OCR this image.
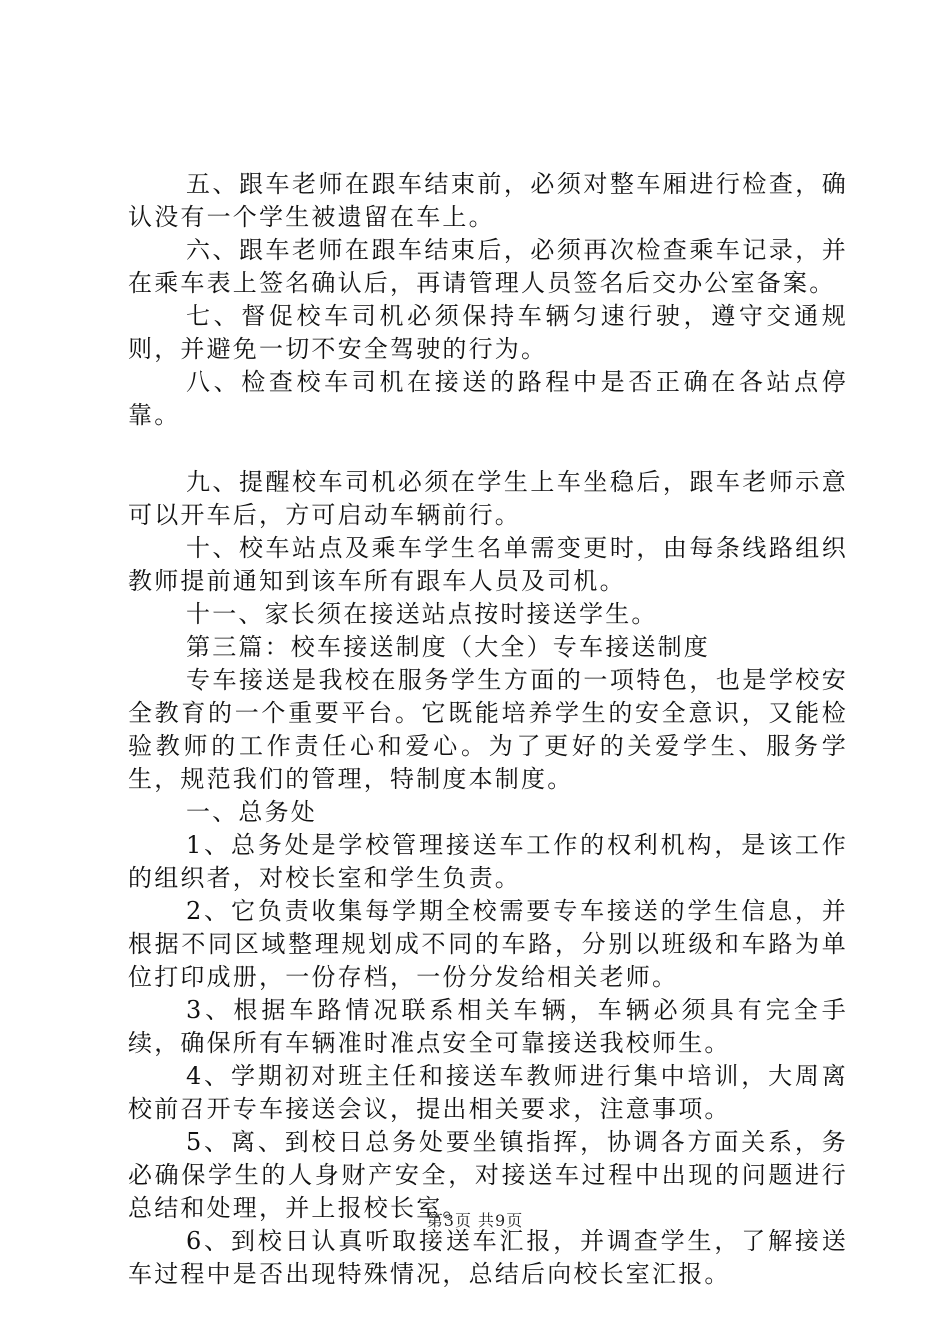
五、跟车老师在跟车结束前，必须对整车厢进行检查，确认没有一个学生被遗留在车上。

六、跟车老师在跟车结束后，必须再次检查乘车记录，并在乘车表上签名确认后，再请管理人员签名后交办公室备案。

七、督促校车司机必须保持车辆匀速行驶，遵守交通规则，并避免一切不安全驾驶的行为。

八、检查校车司机在接送的路程中是否正确在各站点停靠。

九、提醒校车司机必须在学生上车坐稳后，跟车老师示意可以开车后，方可启动车辆前行。

十、校车站点及乘车学生名单需变更时，由每条线路组织教师提前通知到该车所有跟车人员及司机。

十一、家长须在接送站点按时接送学生。

第三篇：校车接送制度（大全）专车接送制度

专车接送是我校在服务学生方面的一项特色，也是学校安全教育的一个重要平台。它既能培养学生的安全意识，又能检验教师的工作责任心和爱心。为了更好的关爱学生、服务学生，规范我们的管理，特制度本制度。

一、总务处

1、总务处是学校管理接送车工作的权利机构，是该工作的组织者，对校长室和学生负责。

2、它负责收集每学期全校需要专车接送的学生信息，并根据不同区域整理规划成不同的车路，分别以班级和车路为单位打印成册，一份存档，一份分发给相关老师。

3、根据车路情况联系相关车辆，车辆必须具有完全手续，确保所有车辆准时准点安全可靠接送我校师生。

4、学期初对班主任和接送车教师进行集中培训，大周离校前召开专车接送会议，提出相关要求，注意事项。

5、离、到校日总务处要坐镇指挥，协调各方面关系，务必确保学生的人身财产安全，对接送车过程中出现的问题进行总结和处理，并上报校长室。

6、到校日认真听取接送车汇报，并调查学生，了解接送车过程中是否出现特殊情况，总结后向校长室汇报。

第3页 共9页
